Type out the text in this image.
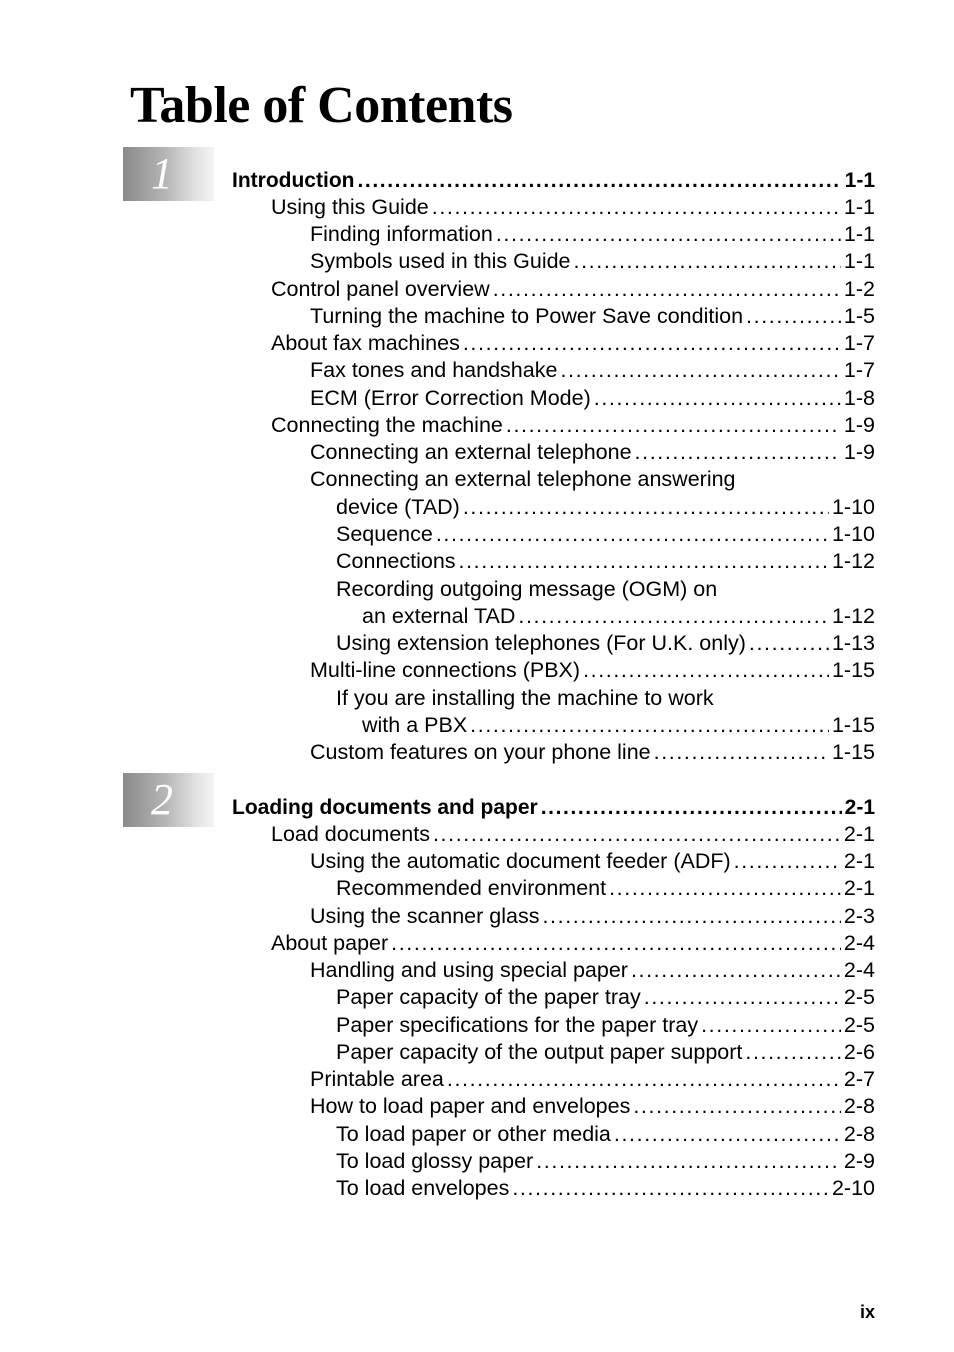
Table of Contents
1
2
Introduction .....	1-1
Using this Guide .....	1-1
Finding information .....	1-1
Symbols used in this Guide .....	1-1
Control panel overview .....	1-2
Turning the machine to Power Save condition .....	1-5
About fax machines .....	1-7
Fax tones and handshake .....	1-7
ECM (Error Correction Mode) .....	1-8
Connecting the machine .....	1-9
Connecting an external telephone .....	1-9
Connecting an external telephone answering
device (TAD) .....	1-10
Sequence .....	1-10
Connections .....	1-12
Recording outgoing message (OGM) on
an external TAD .....	1-12
Using extension telephones (For U.K. only) .....	1-13
Multi-line connections (PBX) .....	1-15
If you are installing the machine to work
with a PBX .....	1-15
Custom features on your phone line .....	1-15
Loading documents and paper .....	2-1
Load documents .....	2-1
Using the automatic document feeder (ADF) .....	2-1
Recommended environment .....	2-1
Using the scanner glass .....	2-3
About paper .....	2-4
Handling and using special paper .....	2-4
Paper capacity of the paper tray .....	2-5
Paper specifications for the paper tray .....	2-5
Paper capacity of the output paper support .....	2-6
Printable area .....	2-7
How to load paper and envelopes .....	2-8
To load paper or other media .....	2-8
To load glossy paper .....	2-9
To load envelopes .....	2-10
ix
